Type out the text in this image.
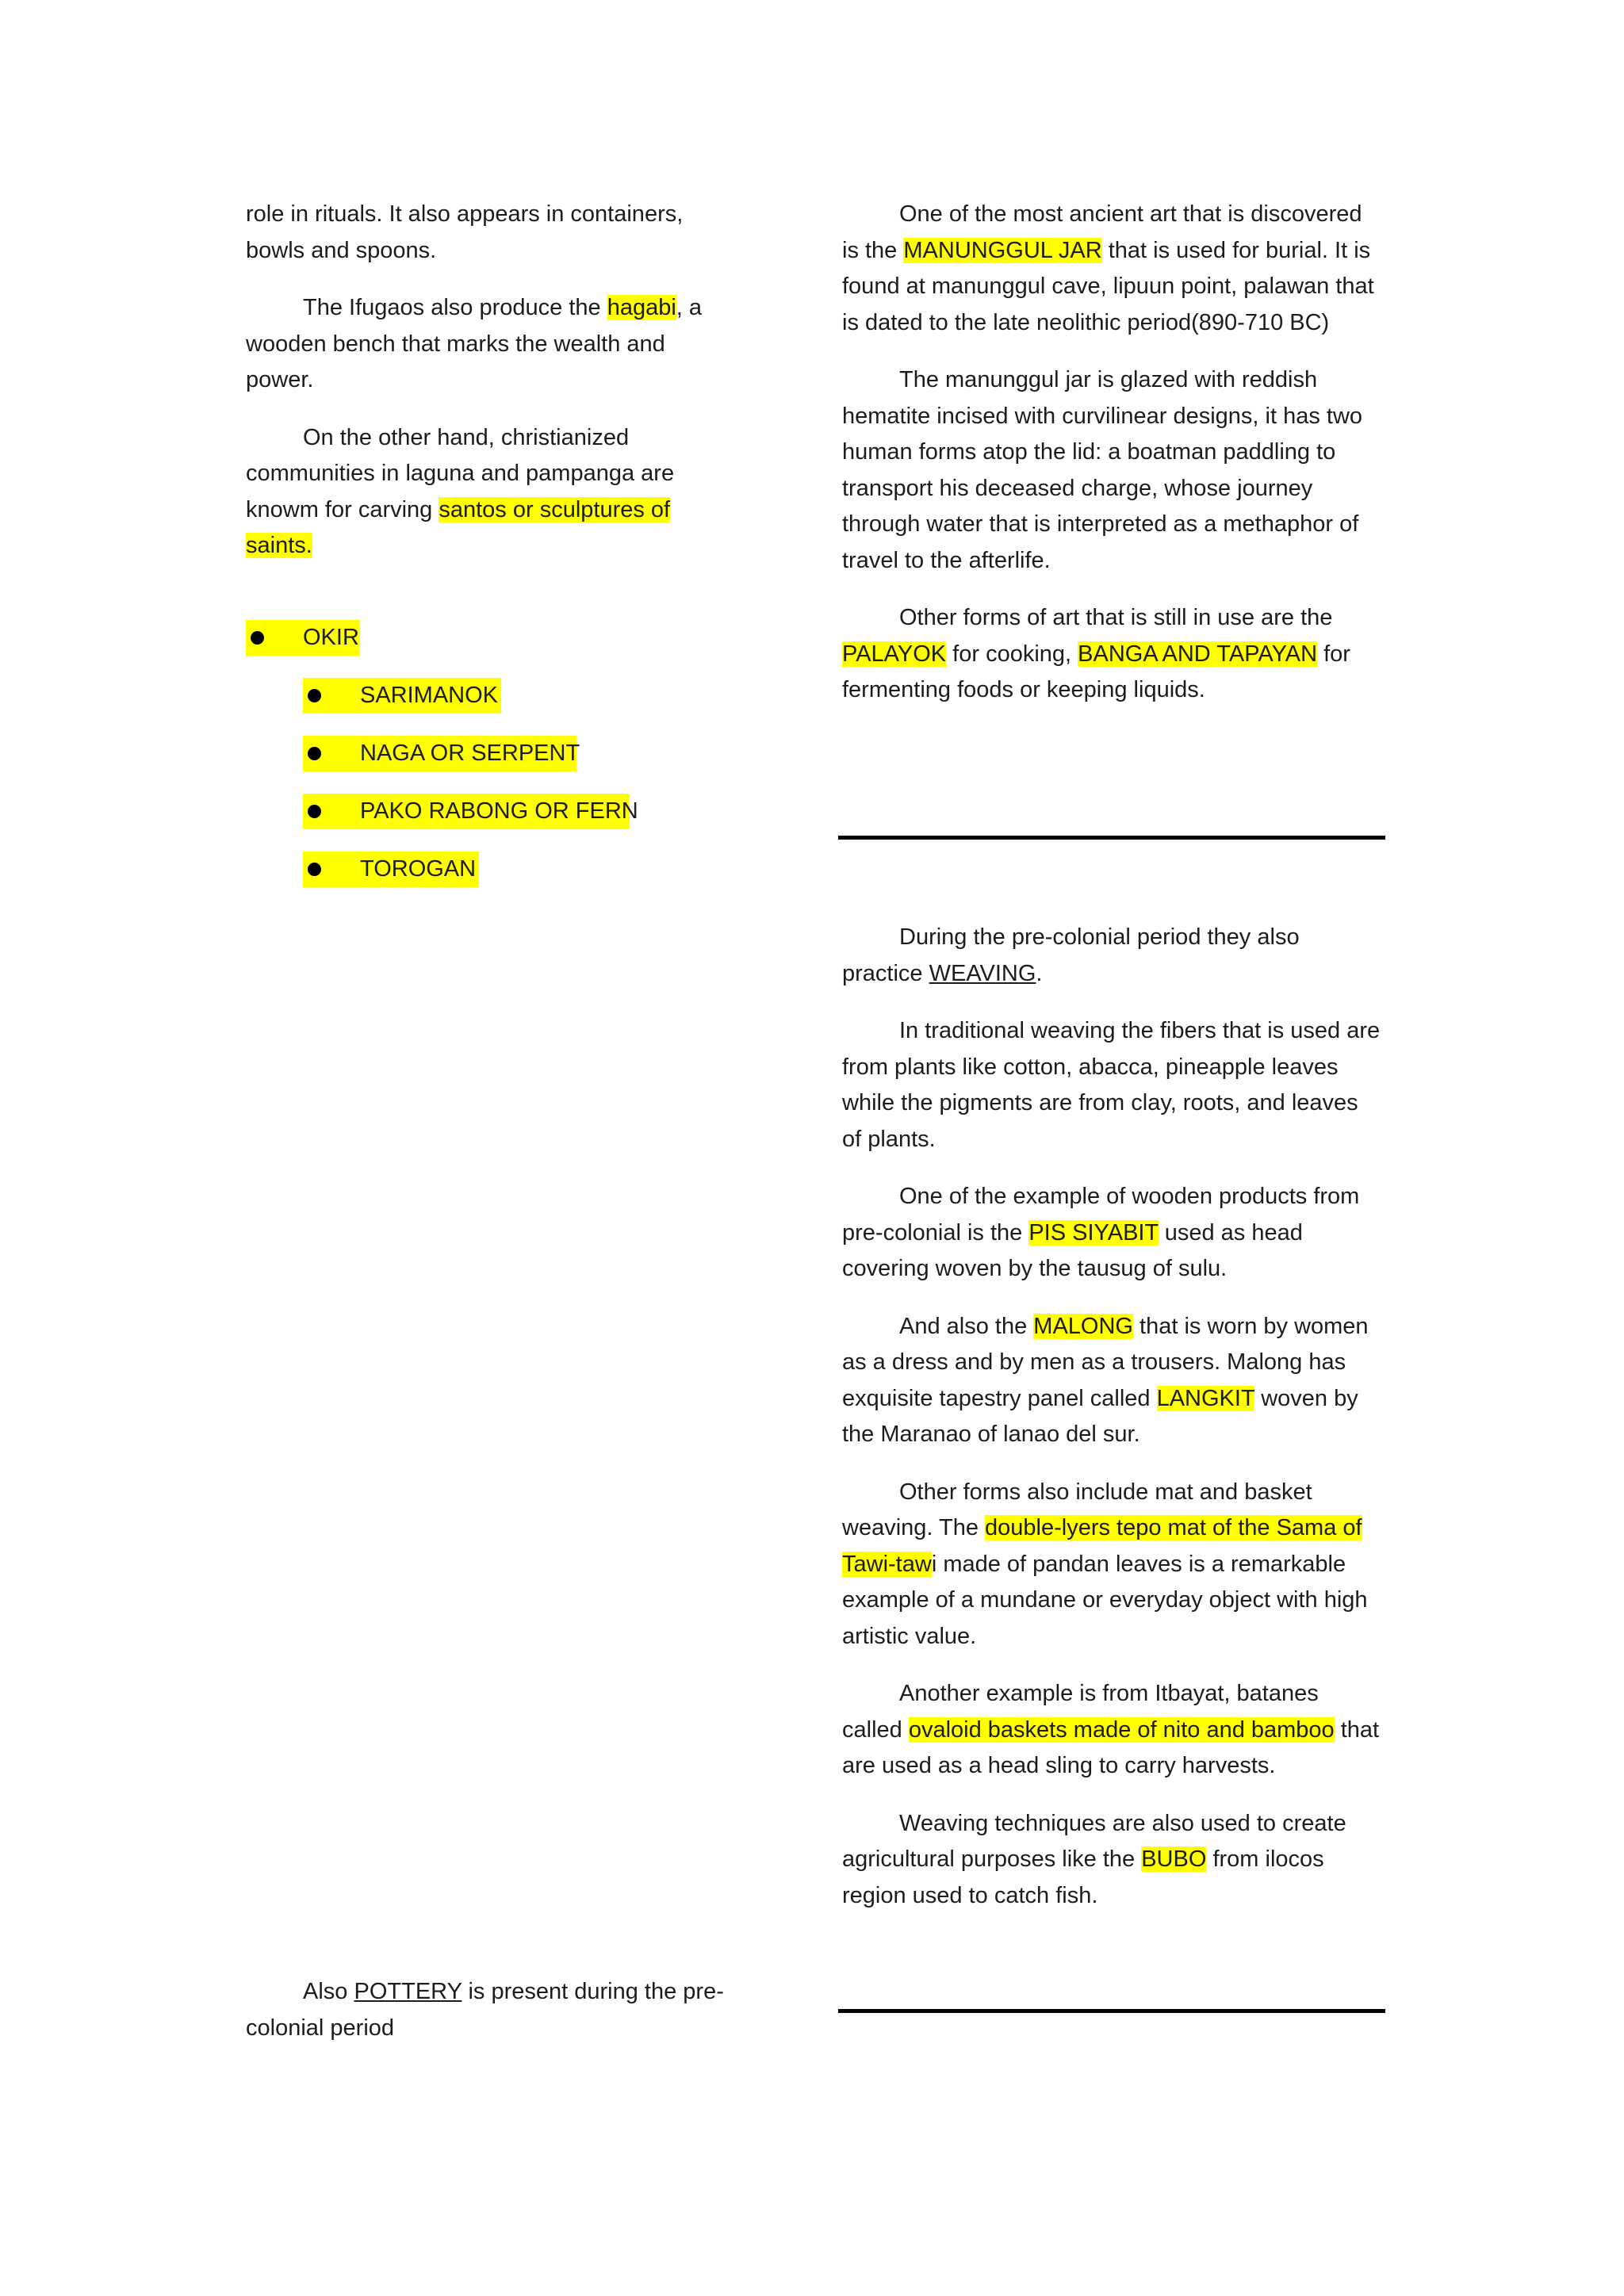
role in rituals. It also appears in containers, bowls and spoons.

The Ifugaos also produce the hagabi, a wooden bench that marks the wealth and power.

On the other hand, christianized communities in laguna and pampanga are knowm for carving santos or sculptures of saints.

OKIR
SARIMANOK
NAGA OR SERPENT
PAKO RABONG OR FERN
TOROGAN

Also POTTERY is present during the pre-colonial period

One of the most ancient art that is discovered is the MANUNGGUL JAR that is used for burial. It is found at manunggul cave, lipuun point, palawan that is dated to the late neolithic period(890-710 BC)

The manunggul jar is glazed with reddish hematite incised with curvilinear designs, it has two human forms atop the lid: a boatman paddling to transport his deceased charge, whose journey through water that is interpreted as a methaphor of travel to the afterlife.

Other forms of art that is still in use are the PALAYOK for cooking, BANGA AND TAPAYAN for fermenting foods or keeping liquids.

During the pre-colonial period they also practice WEAVING.

In traditional weaving the fibers that is used are from plants like cotton, abacca, pineapple leaves while the pigments are from clay, roots, and leaves of plants.

One of the example of wooden products from pre-colonial is the PIS SIYABIT used as head covering woven by the tausug of sulu.

And also the MALONG that is worn by women as a dress and by men as a trousers. Malong has exquisite tapestry panel called LANGKIT woven by the Maranao of lanao del sur.

Other forms also include mat and basket weaving. The double-lyers tepo mat of the Sama of Tawi-tawi made of pandan leaves is a remarkable example of a mundane or everyday object with high artistic value.

Another example is from Itbayat, batanes called ovaloid baskets made of nito and bamboo that are used as a head sling to carry harvests.

Weaving techniques are also used to create agricultural purposes like the BUBO from ilocos region used to catch fish.
